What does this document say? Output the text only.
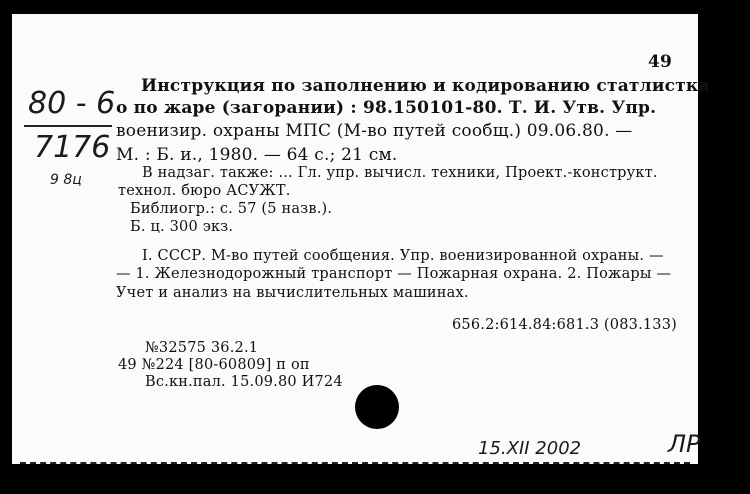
49
Инструкция по заполнению и кодированию статлистка
о по жаре (загорании) : 98.150101-80. Т. И. Утв. Упр.
военизир. охраны МПС (М-во путей сообщ.) 09.06.80. —
М. : Б. и., 1980. — 64 с.; 21 см.
В надзаг. также: ... Гл. упр. вычисл. техники, Проект.-конструкт.
технол. бюро АСУЖТ.
Библиогр.: с. 57 (5 назв.).
Б. ц. 300 экз.
I. СССР. М-во путей сообщения. Упр. военизированной охраны. —
— 1. Железнодорожный транспорт — Пожарная охрана. 2. Пожары —
Учет и анализ на вычислительных машинах.
656.2:614.84:681.3 (083.133)
№32575 36.2.1
49 №224 [80-60809] п оп
Вс.кн.пал. 15.09.80 И724
80 - 6
7176
9 8ц
15.ХII 2002	ЛР
